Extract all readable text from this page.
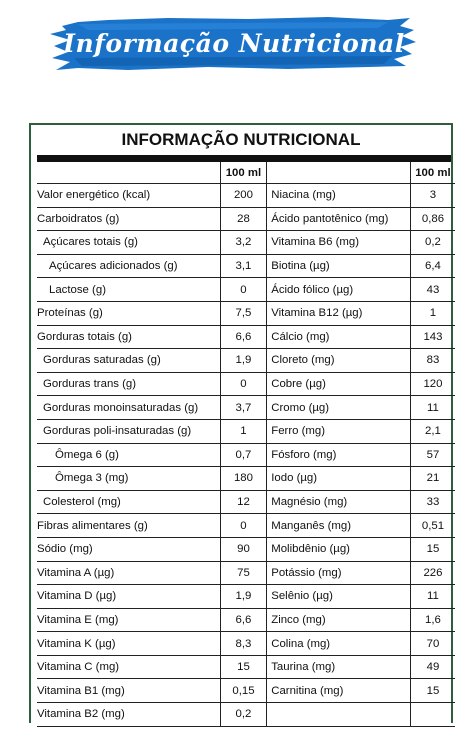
Informação Nutricional
INFORMAÇÃO NUTRICIONAL
	100 ml		100 ml
Valor energético (kcal)	200	Niacina (mg)	3
Carboidratos (g)	28	Ácido pantotênico (mg)	0,86
Açúcares totais (g)	3,2	Vitamina B6 (mg)	0,2
Açúcares adicionados (g)	3,1	Biotina (µg)	6,4
Lactose (g)	0	Ácido fólico (µg)	43
Proteínas (g)	7,5	Vitamina B12 (µg)	1
Gorduras totais (g)	6,6	Cálcio (mg)	143
Gorduras saturadas (g)	1,9	Cloreto (mg)	83
Gorduras trans (g)	0	Cobre (µg)	120
Gorduras monoinsaturadas (g)	3,7	Cromo (µg)	11
Gorduras poli-insaturadas (g)	1	Ferro (mg)	2,1
Ômega 6 (g)	0,7	Fósforo (mg)	57
Ômega 3 (mg)	180	Iodo (µg)	21
Colesterol (mg)	12	Magnésio (mg)	33
Fibras alimentares (g)	0	Manganês (mg)	0,51
Sódio (mg)	90	Molibdênio (µg)	15
Vitamina A (µg)	75	Potássio (mg)	226
Vitamina D (µg)	1,9	Selênio (µg)	11
Vitamina E (mg)	6,6	Zinco (mg)	1,6
Vitamina K (µg)	8,3	Colina (mg)	70
Vitamina C (mg)	15	Taurina (mg)	49
Vitamina B1 (mg)	0,15	Carnitina (mg)	15
Vitamina B2 (mg)	0,2		
